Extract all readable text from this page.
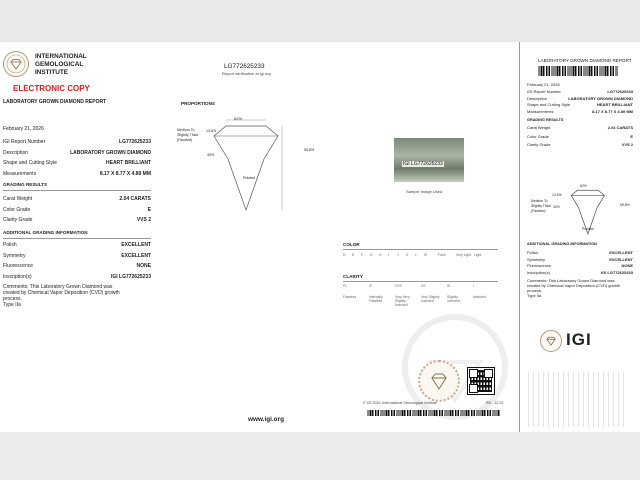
INTERNATIONAL
GEMOLOGICAL
INSTITUTE
ELECTRONIC COPY
LABORATORY GROWN DIAMOND REPORT
LG772625233
Report verification at igi.org
February 21, 2026
GRADING RESULTS
ADDITIONAL GRADING INFORMATION
Comments: This Laboratory Grown Diamond was
created by Chemical Vapor Deposition (CVD) growth
process.
Type IIa
PROPORTIONS
62%
Medium To
Slightly Thick
(Faceted)
13.5%
40%
55.8%
Pointed
IGI LG772625233
Sample Image Used
COLOR
D E F G H I J K L M	Faint	Very Light Light
CLARITY
FL	IF	VVS	VS	SI	I
Flawless	Internally Flawless
Very Very Slightly Included
Very Slightly Included
Slightly Included
Included
© IGI 2020, International Gemological Institute	RD - 12.20
www.igi.org
LABORATORY GROWN DIAMOND REPORT
February 21, 2026
GRADING RESULTS
ADDITIONAL GRADING INFORMATION
Comments: This Laboratory Grown Diamond was
created by Chemical Vapor Deposition (CVD) growth
process.
Type IIa
62%
Medium To
Slightly Thick
(Faceted)
13.5%
40%	55.8%
Pointed
IGI
IGI Report Number	LG772625233
Description	LABORATORY GROWN DIAMOND
Shape and Cutting Style	HEART BRILLIANT
Measurements	8.17 X 8.77 X 4.89 MM
Carat Weight	2.04 CARATS
Color Grade	E
Clarity Grade	VVS 2
Polish	EXCELLENT
Symmetry	EXCELLENT
Fluorescence	NONE
Inscription(s)	IGI LG772625233
IGI Report Number	LG772625233
Description	LABORATORY GROWN DIAMOND
Shape and Cutting Style	HEART BRILLIANT
Measurements	8.17 X 8.77 X 4.89 MM
Carat Weight	2.04 CARATS
Color Grade	E
Clarity Grade	VVS 2
Polish	EXCELLENT
Symmetry	EXCELLENT
Fluorescence	NONE
Inscription(s)	IGI LG772625233
